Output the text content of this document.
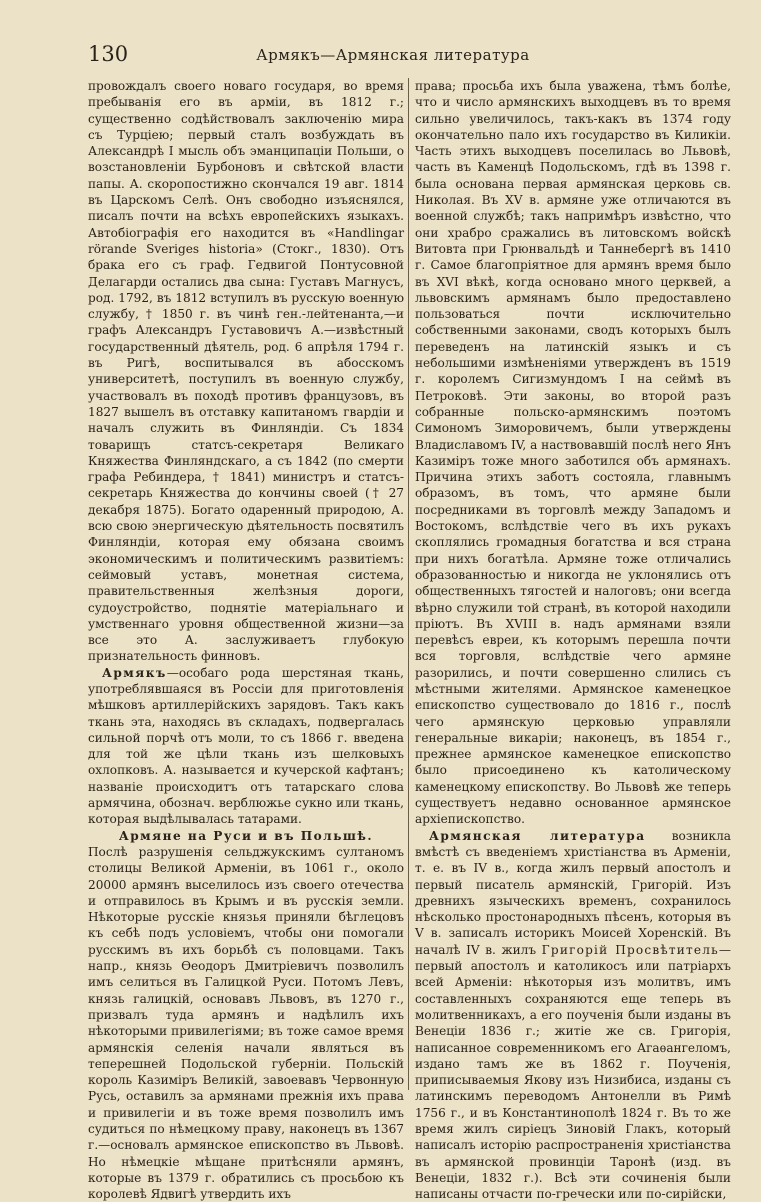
130	Армякъ—Армянская литература

провождалъ своего новаго государя, во время пребыванія его въ арміи, въ 1812 г.; существенно содѣйствовалъ заключенію мира съ Турціею; первый сталъ возбуждать въ Александрѣ I мысль объ эманципаціи Польши, о возстановленіи Бурбоновъ и свѣтской власти папы. А. скоропостижно скончался 19 авг. 1814 въ Царскомъ Селѣ. Онъ свободно изъяснялся, писалъ почти на всѣхъ европейскихъ языкахъ. Автобіографія его находится въ «Handlingar rörande Sveriges historia» (Стокг., 1830). Отъ брака его съ граф. Гедвигой Понтусовной Делагарди остались два сына: Густавъ Магнусъ, род. 1792, въ 1812 вступилъ въ русскую военную службу, † 1850 г. въ чинѣ ген.-лейтенанта,—и графъ Александръ Густавовичъ А.—извѣстный государственный дѣятель, род. 6 апрѣля 1794 г. въ Ригѣ, воспитывался въ абосскомъ университетѣ, поступилъ въ военную службу, участвовалъ въ походѣ противъ французовъ, въ 1827 вышелъ въ отставку капитаномъ гвардіи и началъ служить въ Финляндіи. Съ 1834 товарищъ статсъ-секретаря Великаго Княжества Финляндскаго, а съ 1842 (по смерти графа Ребиндера, † 1841) министръ и статсъ-секретарь Княжества до кончины своей († 27 декабря 1875). Богато одаренный природою, А. всю свою энергическую дѣятельность посвятилъ Финляндіи, которая ему обязана своимъ экономическимъ и политическимъ развитіемъ: сеймовый уставъ, монетная система, правительственныя желѣзныя дороги, судоустройство, поднятіе матеріальнаго и умственнаго уровня общественной жизни—за все это А. заслуживаетъ глубокую признательность финновъ.

Армякъ—особаго рода шерстяная ткань, употреблявшаяся въ Россіи для приготовленія мѣшковъ артиллерійскихъ зарядовъ. Такъ какъ ткань эта, находясь въ складахъ, подвергалась сильной порчѣ отъ моли, то съ 1866 г. введена для той же цѣли ткань изъ шелковыхъ охлопковъ. А. называется и кучерской кафтанъ; названіе происходитъ отъ татарскаго слова армячина, обознач. верблюжье сукно или ткань, которая выдѣлывалась татарами.

Армяне на Руси и въ Польшѣ.

Послѣ разрушенія сельджукскимъ султаномъ столицы Великой Арменіи, въ 1061 г., около 20000 армянъ выселилось изъ своего отечества и отправилось въ Крымъ и въ русскія земли. Нѣкоторые русскіе князья приняли бѣглецовъ къ себѣ подъ условіемъ, чтобы они помогали русскимъ въ ихъ борьбѣ съ половцами. Такъ напр., князь Ѳеодоръ Дмитріевичъ позволилъ имъ селиться въ Галицкой Руси. Потомъ Левъ, князь галицкій, основавъ Львовъ, въ 1270 г., призвалъ туда армянъ и надѣлилъ ихъ нѣкоторыми привилегіями; въ тоже самое время армянскія селенія начали являться въ теперешней Подольской губерніи. Польскій король Казиміръ Великій, завоевавъ Червонную Русь, оставилъ за армянами прежнія ихъ права и привилегіи и въ тоже время позволилъ имъ судиться по нѣмецкому праву, наконецъ въ 1367 г.—основалъ армянское епископство въ Львовѣ. Но нѣмецкіе мѣщане притѣсняли армянъ, которые въ 1379 г. обратились съ просьбою къ королевѣ Ядвигѣ утвердить ихъ

права; просьба ихъ была уважена, тѣмъ болѣе, что и число армянскихъ выходцевъ въ то время сильно увеличилось, такъ-какъ въ 1374 году окончательно пало ихъ государство въ Киликіи. Часть этихъ выходцевъ поселилась во Львовѣ, часть въ Каменцѣ Подольскомъ, гдѣ въ 1398 г. была основана первая армянская церковь св. Николая. Въ XV в. армяне уже отличаются въ военной службѣ; такъ напримѣръ извѣстно, что они храбро сражались въ литовскомъ войскѣ Витовта при Грюнвальдѣ и Таннебергѣ въ 1410 г. Самое благопріятное для армянъ время было въ XVI вѣкѣ, когда основано много церквей, а львовскимъ армянамъ было предоставлено пользоваться почти исключительно собственными законами, сводъ которыхъ былъ переведенъ на латинскій языкъ и съ небольшими измѣненіями утвержденъ въ 1519 г. королемъ Сигизмундомъ I на сеймѣ въ Петроковѣ. Эти законы, во второй разъ собранные польско-армянскимъ поэтомъ Симономъ Зиморовичемъ, были утверждены Владиславомъ IV, а наствовавшій послѣ него Янъ Казиміръ тоже много заботился объ армянахъ. Причина этихъ заботъ состояла, главнымъ образомъ, въ томъ, что армяне были посредниками въ торговлѣ между Западомъ и Востокомъ, вслѣдствіе чего въ ихъ рукахъ скоплялись громадныя богатства и вся страна при нихъ богатѣла. Армяне тоже отличались образованностью и никогда не уклонялись отъ общественныхъ тягостей и налоговъ; они всегда вѣрно служили той странѣ, въ которой находили пріютъ. Въ XVIII в. надъ армянами взяли перевѣсъ евреи, къ которымъ перешла почти вся торговля, вслѣдствіе чего армяне разорились, и почти совершенно слились съ мѣстными жителями. Армянское каменецкое епископство существовало до 1816 г., послѣ чего армянскую церковью управляли генеральные викаріи; наконецъ, въ 1854 г., прежнее армянское каменецкое епископство было присоединено къ католическому каменецкому епископству. Во Львовѣ же теперь существуетъ недавно основанное армянское архіепископство.

Армянская литература возникла вмѣстѣ съ введеніемъ христіанства въ Арменіи, т. е. въ IV в., когда жилъ первый апостолъ и первый писатель армянскій, Григорій. Изъ древнихъ языческихъ временъ, сохранилось нѣсколько простонародныхъ пѣсенъ, которыя въ V в. записалъ историкъ Моисей Хоренскій. Въ началѣ IV в. жилъ Григорій Просвѣтитель—первый апостолъ и католикосъ или патріархъ всей Арменіи: нѣкоторыя изъ молитвъ, имъ составленныхъ сохраняются еще теперь въ молитвенникахъ, а его поученія были изданы въ Венеціи 1836 г.; житіе же св. Григорія, написанное современникомъ его Агаѳангеломъ, издано тамъ же въ 1862 г. Поученія, приписываемыя Якову изъ Низибиса, изданы съ латинскимъ переводомъ Антонелли въ Римѣ 1756 г., и въ Константинополѣ 1824 г. Въ то же время жилъ сиріецъ Зиновій Глакъ, который написалъ исторію распространенія христіанства въ армянской провинціи Таронѣ (изд. въ Венеціи, 1832 г.). Всѣ эти сочиненія были написаны отчасти по-гречески или по-сирійски,
